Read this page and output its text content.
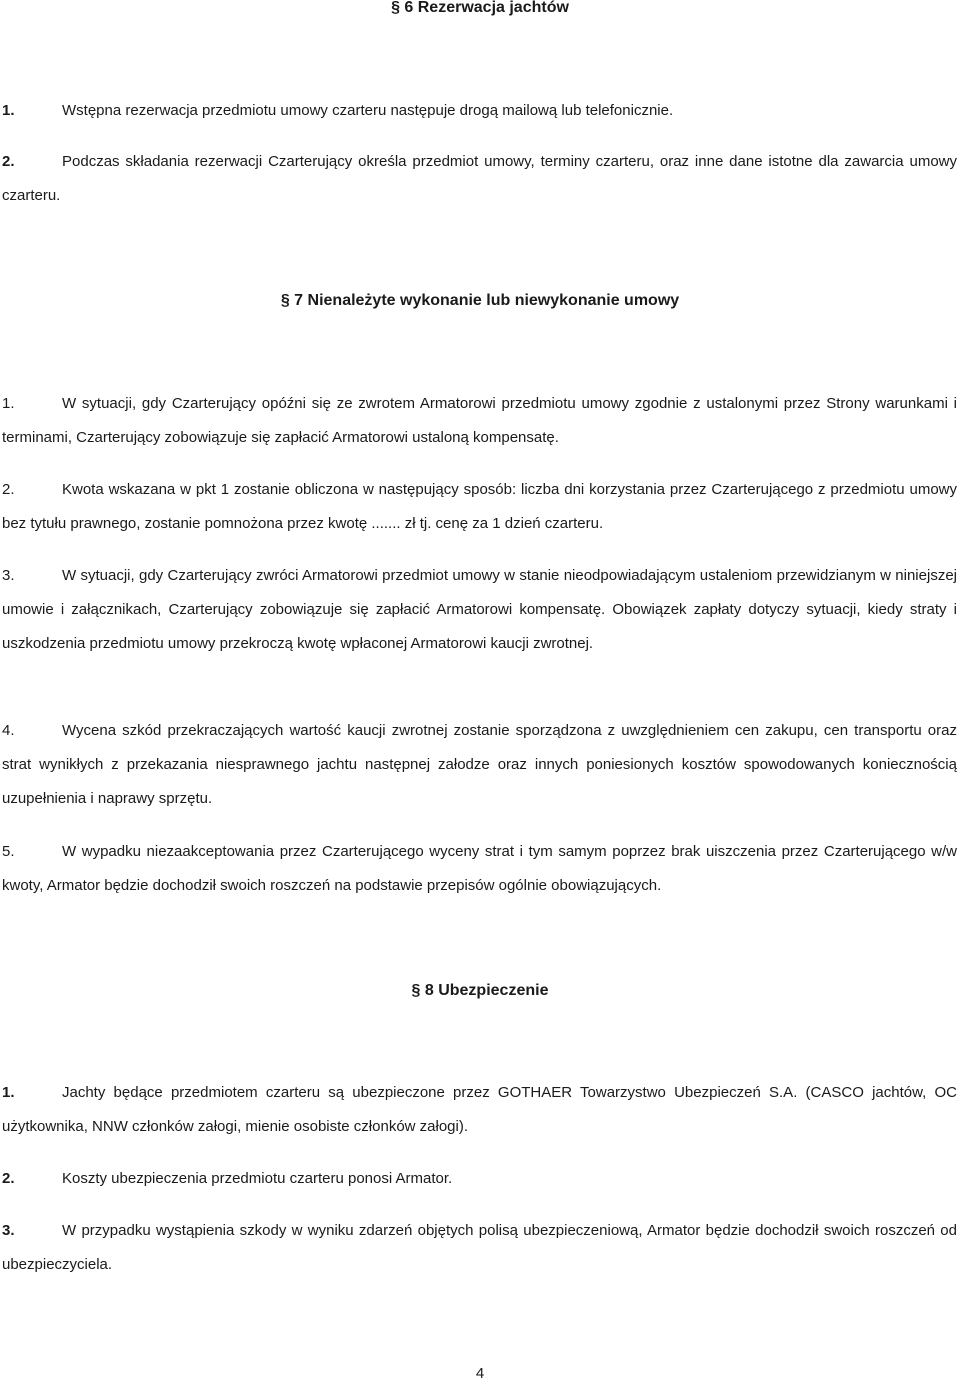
§ 6 Rezerwacja jachtów
1.	Wstępna rezerwacja przedmiotu umowy czarteru następuje drogą mailową lub telefonicznie.
2.	Podczas składania rezerwacji Czarterujący określa przedmiot umowy, terminy czarteru, oraz inne dane istotne dla zawarcia umowy czarteru.
§ 7 Nienależyte wykonanie lub niewykonanie umowy
1.	W sytuacji, gdy Czarterujący opóźni się ze zwrotem Armatorowi przedmiotu umowy zgodnie z ustalonymi przez Strony warunkami i terminami, Czarterujący zobowiązuje się zapłacić Armatorowi ustaloną kompensatę.
2.	Kwota wskazana w pkt 1 zostanie obliczona w następujący sposób: liczba dni korzystania przez Czarterującego z przedmiotu umowy bez tytułu prawnego, zostanie pomnożona przez kwotę ....... zł tj. cenę za 1 dzień czarteru.
3.	W sytuacji, gdy Czarterujący zwróci Armatorowi przedmiot umowy w stanie nieodpowiadającym ustaleniom przewidzianym w niniejszej umowie i załącznikach, Czarterujący zobowiązuje się zapłacić Armatorowi kompensatę. Obowiązek zapłaty dotyczy sytuacji, kiedy straty i uszkodzenia przedmiotu umowy przekroczą kwotę wpłaconej Armatorowi kaucji zwrotnej.
4.	Wycena szkód przekraczających wartość kaucji zwrotnej zostanie sporządzona z uwzględnieniem cen zakupu, cen transportu oraz strat wynikłych z przekazania niesprawnego jachtu następnej załodze oraz innych poniesionych kosztów spowodowanych koniecznością uzupełnienia i naprawy sprzętu.
5.	W wypadku niezaakceptowania przez Czarterującego wyceny strat i tym samym poprzez brak uiszczenia przez Czarterującego w/w kwoty, Armator będzie dochodził swoich roszczeń na podstawie przepisów ogólnie obowiązujących.
§ 8 Ubezpieczenie
1.	Jachty będące przedmiotem czarteru są ubezpieczone przez GOTHAER Towarzystwo Ubezpieczeń S.A. (CASCO jachtów, OC użytkownika, NNW członków załogi, mienie osobiste członków załogi).
2.	Koszty ubezpieczenia przedmiotu czarteru ponosi Armator.
3.	W przypadku wystąpienia szkody w wyniku zdarzeń objętych polisą ubezpieczeniową, Armator będzie dochodził swoich roszczeń od ubezpieczyciela.
4
